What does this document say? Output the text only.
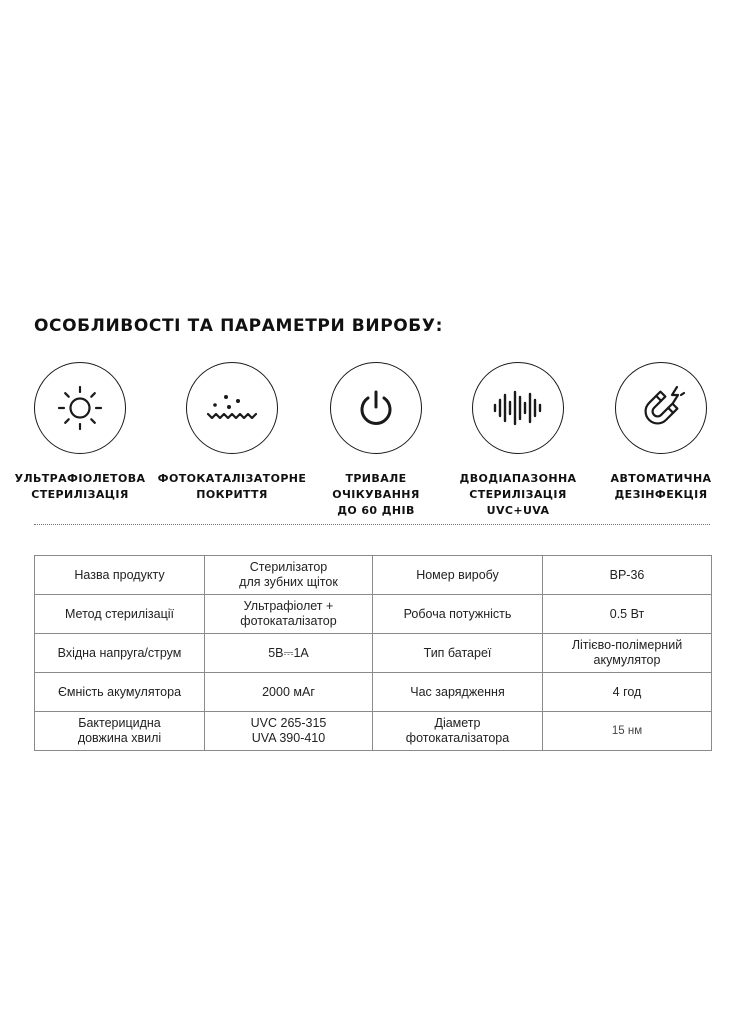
ОСОБЛИВОСТІ ТА ПАРАМЕТРИ ВИРОБУ:
УЛЬТРАФІОЛЕТОВА
СТЕРИЛІЗАЦІЯ
ФОТОКАТАЛІЗАТОРНЕ
ПОКРИТТЯ
ТРИВАЛЕ
ОЧІКУВАННЯ
ДО 60 ДНІВ
ДВОДІАПАЗОННА
СТЕРИЛІЗАЦІЯ
UVC+UVA
АВТОМАТИЧНА
ДЕЗІНФЕКЦІЯ
Назва продукту	Стерилізатор
для зубних щіток	Номер виробу	BP-36

Метод стерилізації	Ультрафіолет +
фотокаталізатор	Робоча потужність	0.5 Вт

Вхідна напруга/струм	5В⎓1А	Тип батареї	Літієво-полімерний
акумулятор

Ємність акумулятора	2000 мАг	Час зарядження	4 год

Бактерицидна
довжина хвилі	UVC 265-315
UVA 390-410	Діаметр
фотокаталізатора	15 нм
